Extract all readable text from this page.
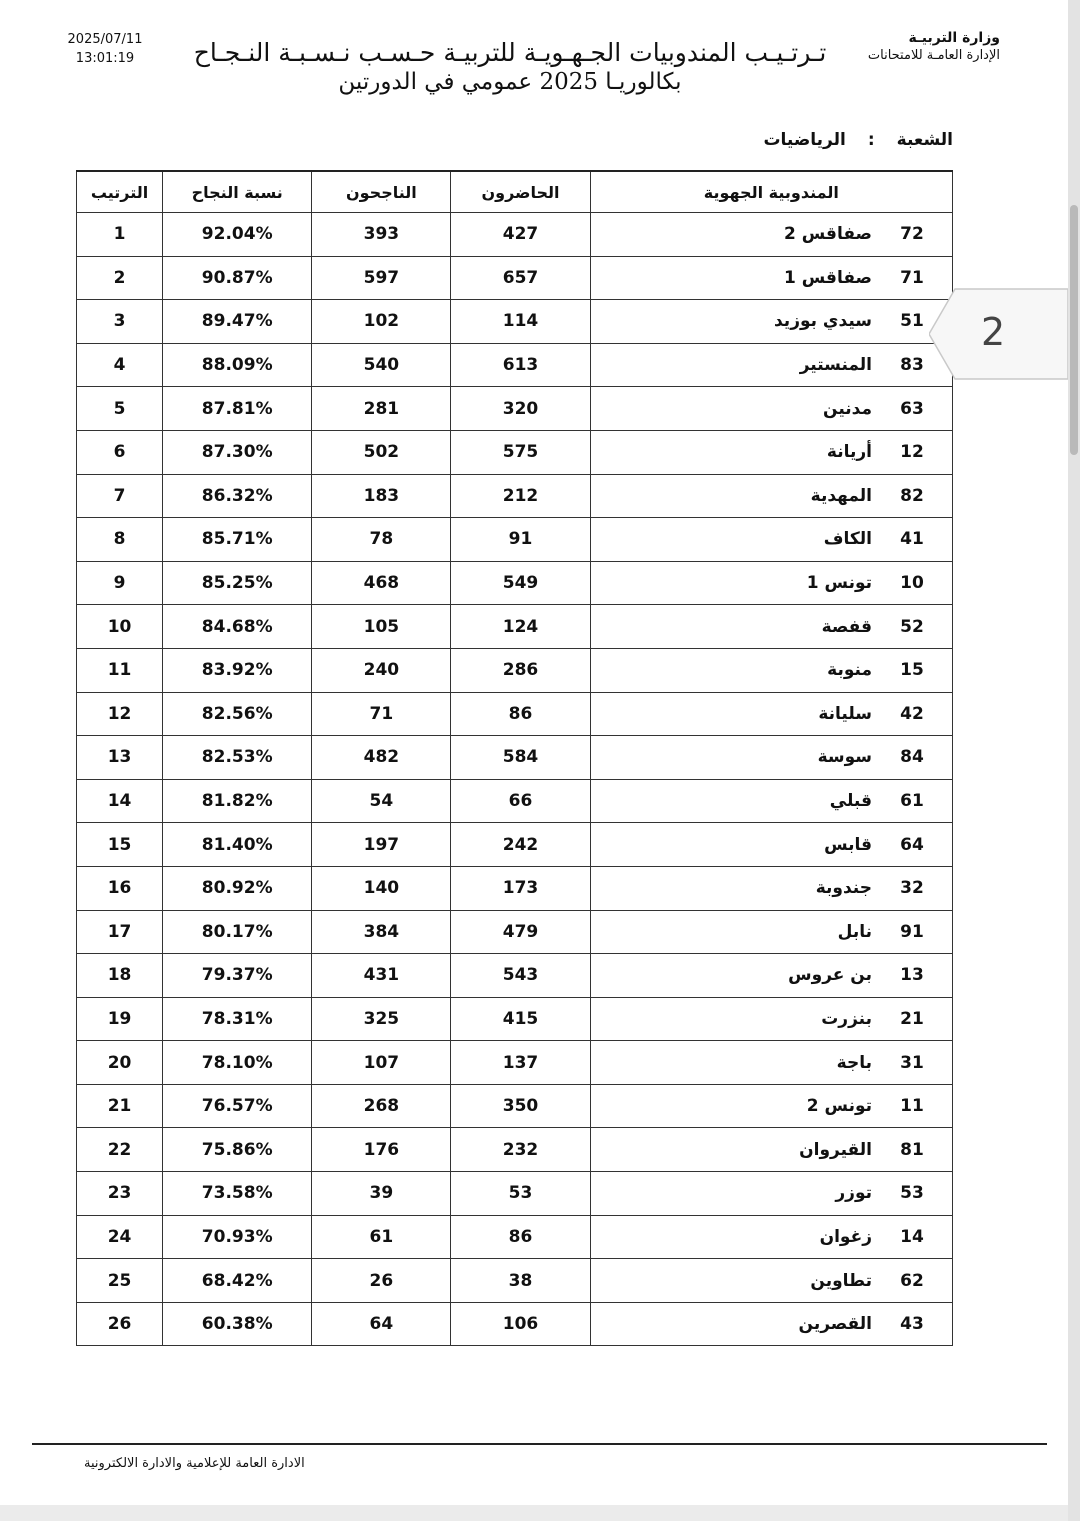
وزارة التربيـة
الإدارة العامـة للامتحانات
2025/07/11
13:01:19	تـرتـيـب المندوبيات الجـهـويـة للتربيـة حـسـب نـسـبـة النـجـاح
بكالوريـا 2025 عمومي في الدورتين
الشعبة:الرياضيات
المندوبية الجهوية	الحاضرون	الناجحون	نسبة النجاح	الترتيب
72صفاقس 2	427	393	92.04%	1
71صفاقس 1	657	597	90.87%	2
51سيدي بوزيد	114	102	89.47%	3
83المنستير	613	540	88.09%	4
63مدنين	320	281	87.81%	5
12أريانة	575	502	87.30%	6
82المهدية	212	183	86.32%	7
41الكاف	91	78	85.71%	8
10تونس 1	549	468	85.25%	9
52قفصة	124	105	84.68%	10
15منوبة	286	240	83.92%	11
42سليانة	86	71	82.56%	12
84سوسة	584	482	82.53%	13
61قبلي	66	54	81.82%	14
64قابس	242	197	81.40%	15
32جندوبة	173	140	80.92%	16
91نابل	479	384	80.17%	17
13بن عروس	543	431	79.37%	18
21بنزرت	415	325	78.31%	19
31باجة	137	107	78.10%	20
11تونس 2	350	268	76.57%	21
81القيروان	232	176	75.86%	22
53توزر	53	39	73.58%	23
14زغوان	86	61	70.93%	24
62تطاوين	38	26	68.42%	25
43القصرين	106	64	60.38%	26
الادارة العامة للإعلامية والادارة الالكترونية
2
